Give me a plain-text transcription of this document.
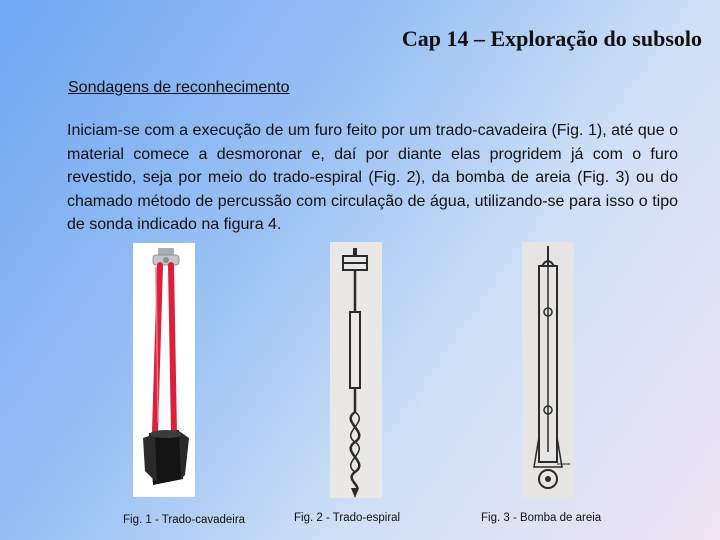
Cap 14 – Exploração do subsolo
Sondagens de reconhecimento
Iniciam-se com a execução de um furo feito por um trado-cavadeira (Fig. 1), até que o material comece a desmoronar e, daí por diante elas progridem já com o furo revestido, seja por meio do trado-espiral (Fig. 2), da bomba de areia (Fig. 3) ou do chamado método de percussão com circulação de água, utilizando-se para isso o tipo de sonda indicado na figura 4.
Fig. 1 - Trado-cavadeira	Fig. 2 - Trado-espiral	Fig. 3 - Bomba de areia
